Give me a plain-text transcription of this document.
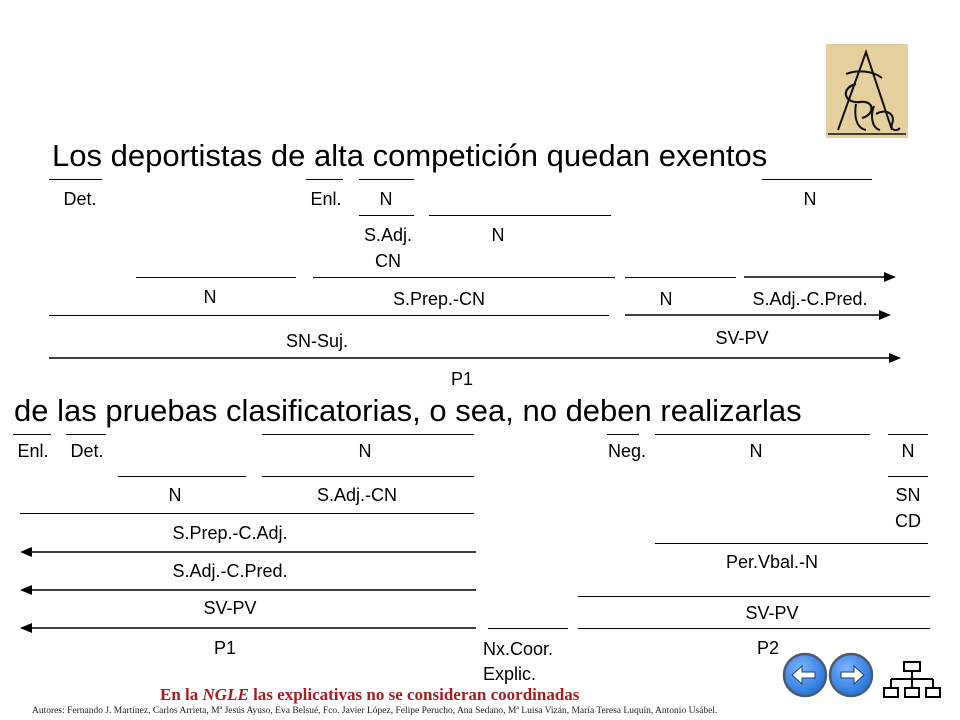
Los deportistas de alta competición quedan exentos
Det.	Enl. N	N
S.Adj.
CN
N
N	S.Prep.-CN	N	S.Adj.-C.Pred.
SN-Suj.	SV-PV
P1
de las pruebas clasificatorias, o sea, no deben realizarlas
Enl. Det.	N	Neg.	N	N
N	S.Adj.-CN	SN
CD
S.Prep.-C.Adj.
Per.Vbal.-N
S.Adj.-C.Pred.
SV-PV	SV-PV
P1	Nx.Coor.
Explic.
P2
En la NGLE las explicativas no se consideran coordinadas
Autores: Fernando J. Martínez, Carlos Arrieta, Mª Jesús Ayuso, Eva Belsué, Fco. Javier López, Felipe Perucho, Ana Sedano, Mª Luisa Vizán, María Teresa Luquín, Antonio Usábel.
